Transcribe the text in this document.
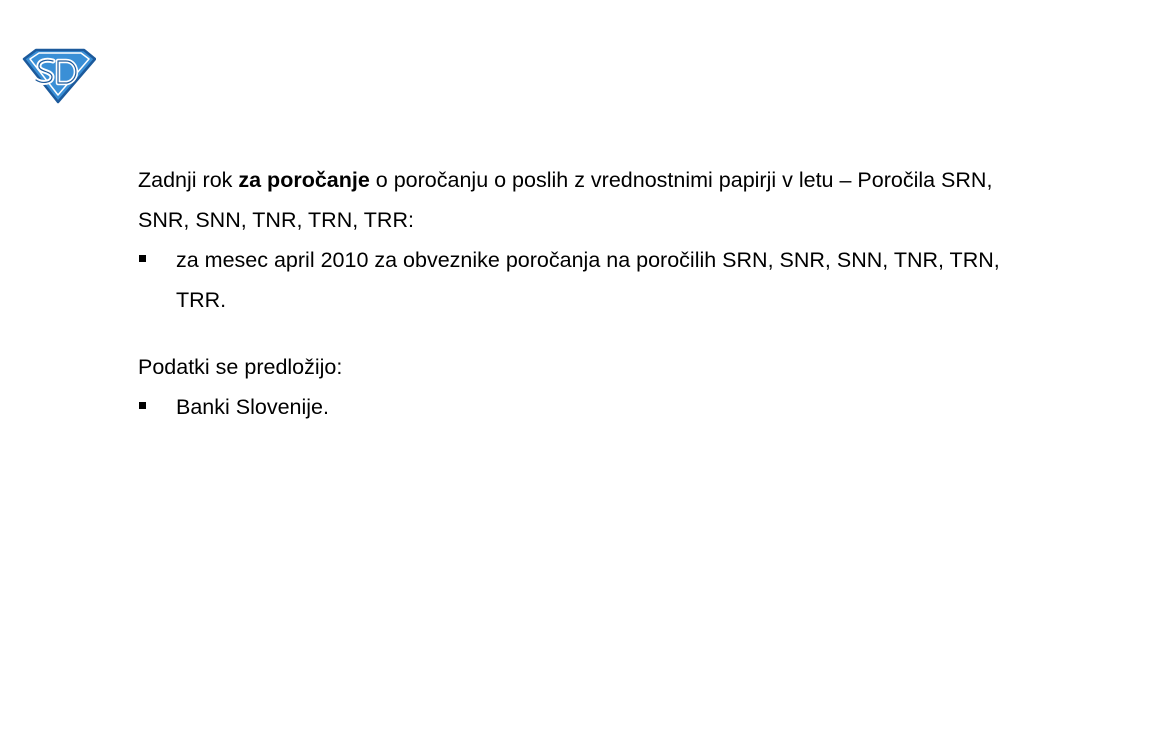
Zadnji rok za poročanje o poročanju o poslih z vrednostnimi papirji v letu – Poročila SRN, SNR, SNN, TNR, TRN, TRR:

za mesec april 2010 za obveznike poročanja na poročilih SRN, SNR, SNN, TNR, TRN, TRR.

Podatki se predložijo:

Banki Slovenije.
